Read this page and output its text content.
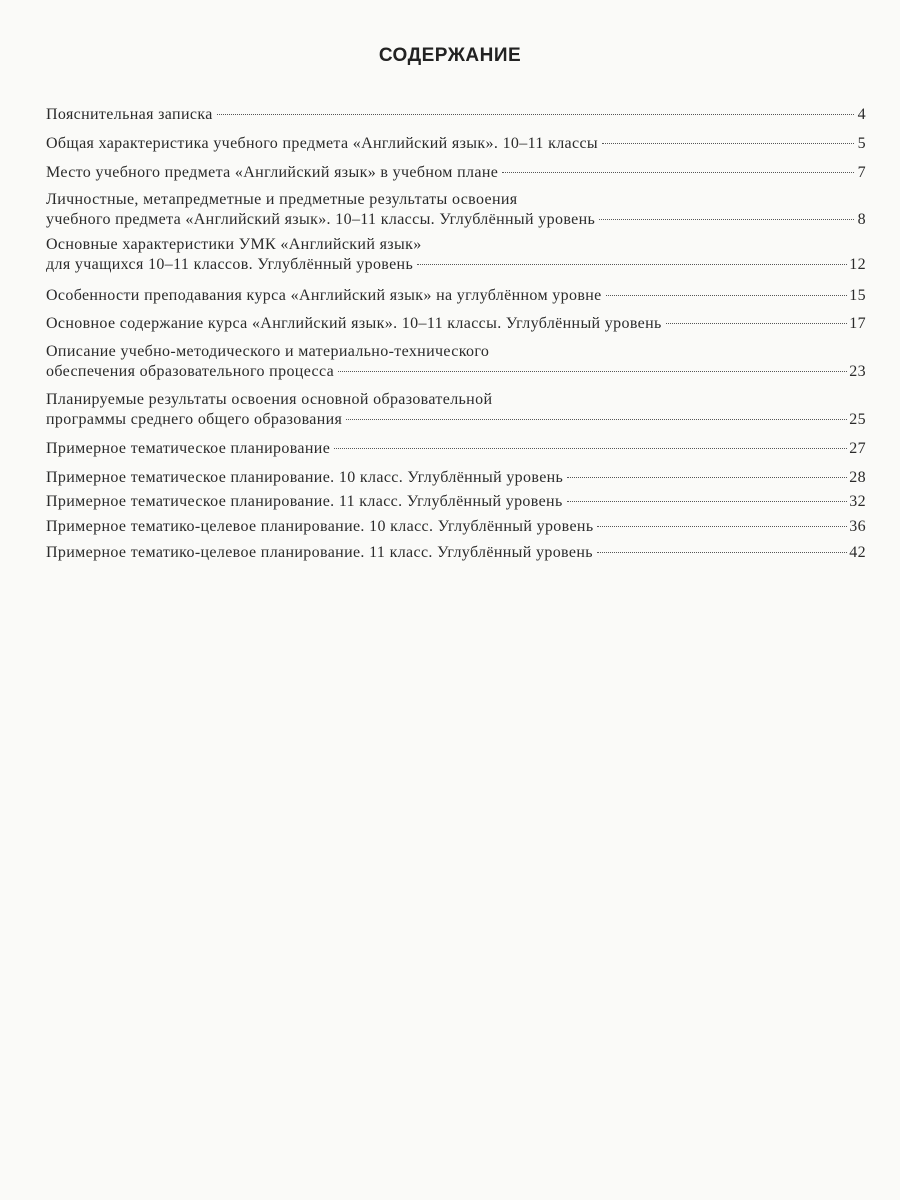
СОДЕРЖАНИЕ
Пояснительная записка	4
Общая характеристика учебного предмета «Английский язык». 10–11 классы	5
Место учебного предмета «Английский язык» в учебном плане	7
Личностные, метапредметные и предметные результаты освоения
учебного предмета «Английский язык». 10–11 классы. Углублённый уровень	8
Основные характеристики УМК «Английский язык»
для учащихся 10–11 классов. Углублённый уровень	12
Особенности преподавания курса «Английский язык» на углублённом уровне	15
Основное содержание курса «Английский язык». 10–11 классы. Углублённый уровень	17
Описание учебно-методического и материально-технического
обеспечения образовательного процесса	23
Планируемые результаты освоения основной образовательной
программы среднего общего образования	25
Примерное тематическое планирование	27
Примерное тематическое планирование. 10 класс. Углублённый уровень	28
Примерное тематическое планирование. 11 класс. Углублённый уровень	32
Примерное тематико-целевое планирование. 10 класс. Углублённый уровень	36
Примерное тематико-целевое планирование. 11 класс. Углублённый уровень	42
